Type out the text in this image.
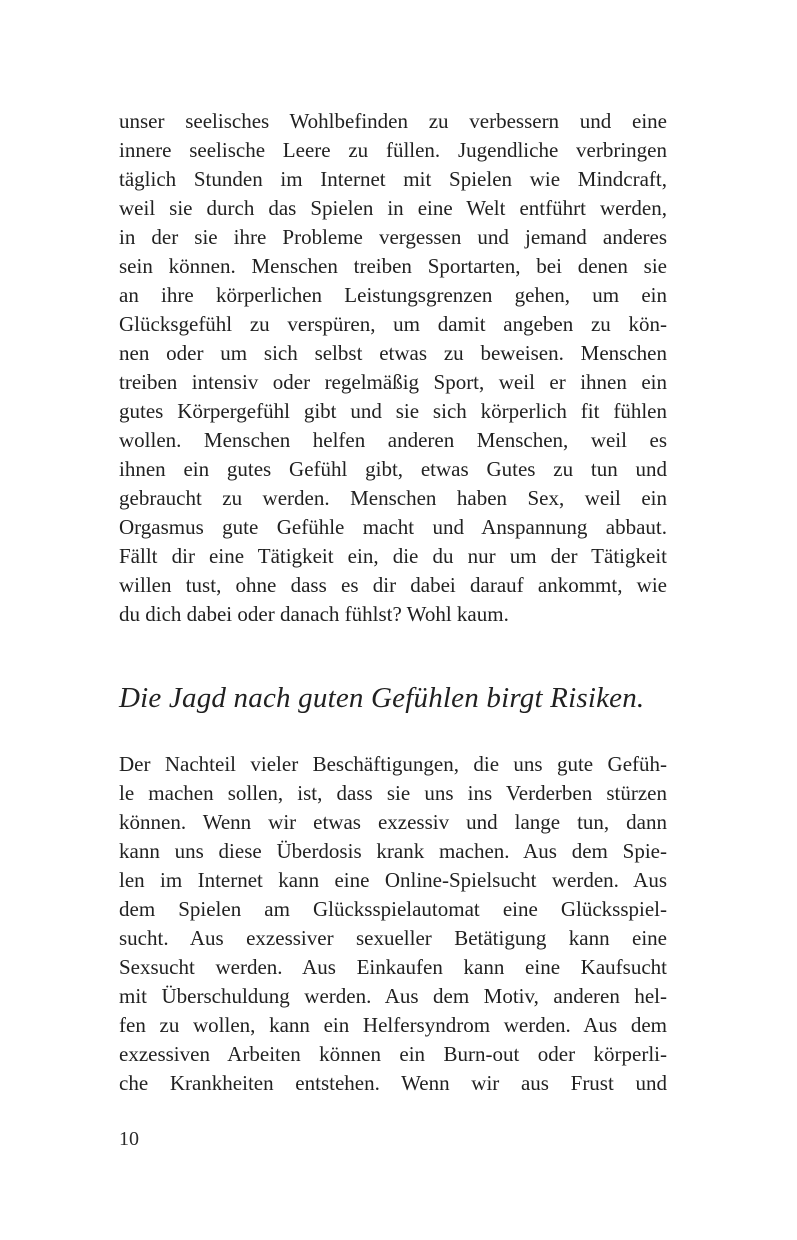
unser seelisches Wohlbefinden zu verbessern und eine
innere seelische Leere zu füllen. Jugendliche verbringen
täglich Stunden im Internet mit Spielen wie Mindcraft,
weil sie durch das Spielen in eine Welt entführt werden,
in der sie ihre Probleme vergessen und jemand anderes
sein können. Menschen treiben Sportarten, bei denen sie
an ihre körperlichen Leistungsgrenzen gehen, um ein
Glücksgefühl zu verspüren, um damit angeben zu kön-
nen oder um sich selbst etwas zu beweisen. Menschen
treiben intensiv oder regelmäßig Sport, weil er ihnen ein
gutes Körpergefühl gibt und sie sich körperlich fit fühlen
wollen. Menschen helfen anderen Menschen, weil es
ihnen ein gutes Gefühl gibt, etwas Gutes zu tun und
gebraucht zu werden. Menschen haben Sex, weil ein
Orgasmus gute Gefühle macht und Anspannung abbaut.
Fällt dir eine Tätigkeit ein, die du nur um der Tätigkeit
willen tust, ohne dass es dir dabei darauf ankommt, wie
du dich dabei oder danach fühlst? Wohl kaum.
Die Jagd nach guten Gefühlen birgt Risiken.
Der Nachteil vieler Beschäftigungen, die uns gute Gefüh-
le machen sollen, ist, dass sie uns ins Verderben stürzen
können. Wenn wir etwas exzessiv und lange tun, dann
kann uns diese Überdosis krank machen. Aus dem Spie-
len im Internet kann eine Online-Spielsucht werden. Aus
dem Spielen am Glücksspielautomat eine Glücksspiel-
sucht. Aus exzessiver sexueller Betätigung kann eine
Sexsucht werden. Aus Einkaufen kann eine Kaufsucht
mit Überschuldung werden. Aus dem Motiv, anderen hel-
fen zu wollen, kann ein Helfersyndrom werden. Aus dem
exzessiven Arbeiten können ein Burn-out oder körperli-
che Krankheiten entstehen. Wenn wir aus Frust und
10
